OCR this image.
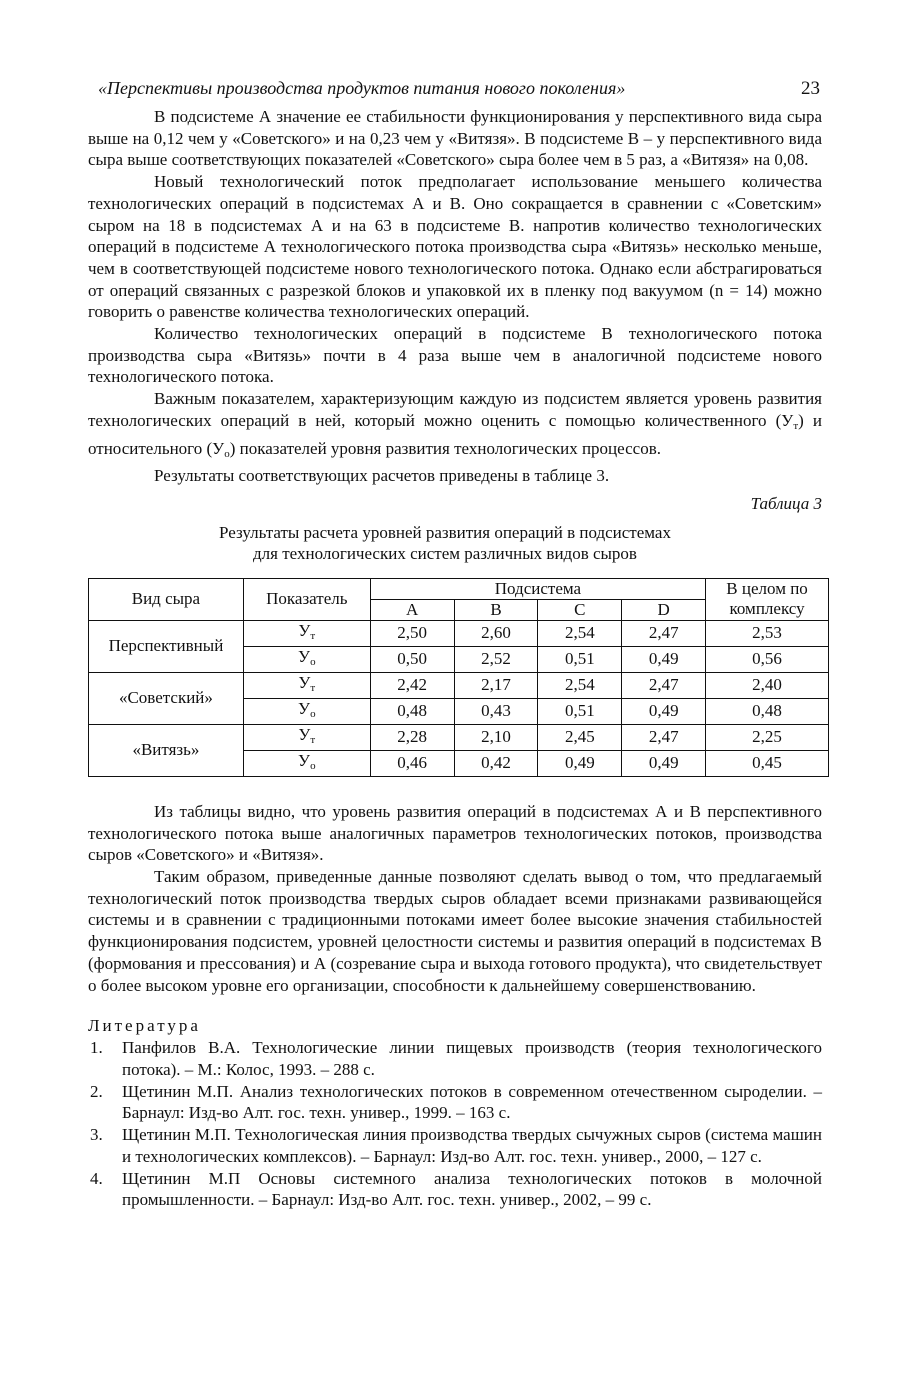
«Перспективы производства продуктов питания нового поколения»	23

В подсистеме А значение ее стабильности функционирования у перспективного вида сыра выше на 0,12 чем у «Советского» и на 0,23 чем у «Витязя». В подсистеме В – у перспективного вида сыра выше соответствующих показателей «Советского» сыра более чем в 5 раз, а «Витязя» на 0,08.

Новый технологический поток предполагает использование меньшего количества технологических операций в подсистемах А и В. Оно сокращается в сравнении с «Советским» сыром на 18 в подсистемах А и на 63 в подсистеме В. напротив количество технологических операций в подсистеме А технологического потока производства сыра «Витязь» несколько меньше, чем в соответствующей подсистеме нового технологического потока. Однако если абстрагироваться от операций связанных с разрезкой блоков и упаковкой их в пленку под вакуумом (n = 14) можно говорить о равенстве количества технологических операций.

Количество технологических операций в подсистеме В технологического потока производства сыра «Витязь» почти в 4 раза выше чем в аналогичной подсистеме нового технологического потока.

Важным показателем, характеризующим каждую из подсистем является уровень развития технологических операций в ней, который можно оценить с помощью количественного $(У_т)$ и относительного $(У_о)$ показателей уровня развития технологических процессов.

Результаты соответствующих расчетов приведены в таблице 3.

Таблица 3
Результаты расчета уровней развития операций в подсистемах
для технологических систем различных видов сыров
Вид сыра	Показатель	Подсистема				В целом по комплексу
		A	B	C	D	
Перспективный	$У_т$	2,50	2,60	2,54	2,47	2,53
	$У_о$	0,50	2,52	0,51	0,49	0,56
«Советский»	$У_т$	2,42	2,17	2,54	2,47	2,40
	$У_о$	0,48	0,43	0,51	0,49	0,48
«Витязь»	$У_т$	2,28	2,10	2,45	2,47	2,25
	$У_о$	0,46	0,42	0,49	0,49	0,45

Из таблицы видно, что уровень развития операций в подсистемах А и В перспективного технологического потока выше аналогичных параметров технологических потоков, производства сыров «Советского» и «Витязя».

Таким образом, приведенные данные позволяют сделать вывод о том, что предлагаемый технологический поток производства твердых сыров обладает всеми признаками развивающейся системы и в сравнении с традиционными потоками имеет более высокие значения стабильностей функционирования подсистем, уровней целостности системы и развития операций в подсистемах В (формования и прессования) и А (созревание сыра и выхода готового продукта), что свидетельствует о более высоком уровне его организации, способности к дальнейшему совершенствованию.

Литература
1. Панфилов В.А. Технологические линии пищевых производств (теория технологического потока). – М.: Колос, 1993. – 288 с.
2. Щетинин М.П. Анализ технологических потоков в современном отечественном сыроделии. – Барнаул: Изд-во Алт. гос. техн. универ., 1999. – 163 с.
3. Щетинин М.П. Технологическая линия производства твердых сычужных сыров (система машин и технологических комплексов). – Барнаул: Изд-во Алт. гос. техн. универ., 2000, – 127 с.
4. Щетинин М.П Основы системного анализа технологических потоков в молочной промышленности. – Барнаул: Изд-во Алт. гос. техн. универ., 2002, – 99 с.
